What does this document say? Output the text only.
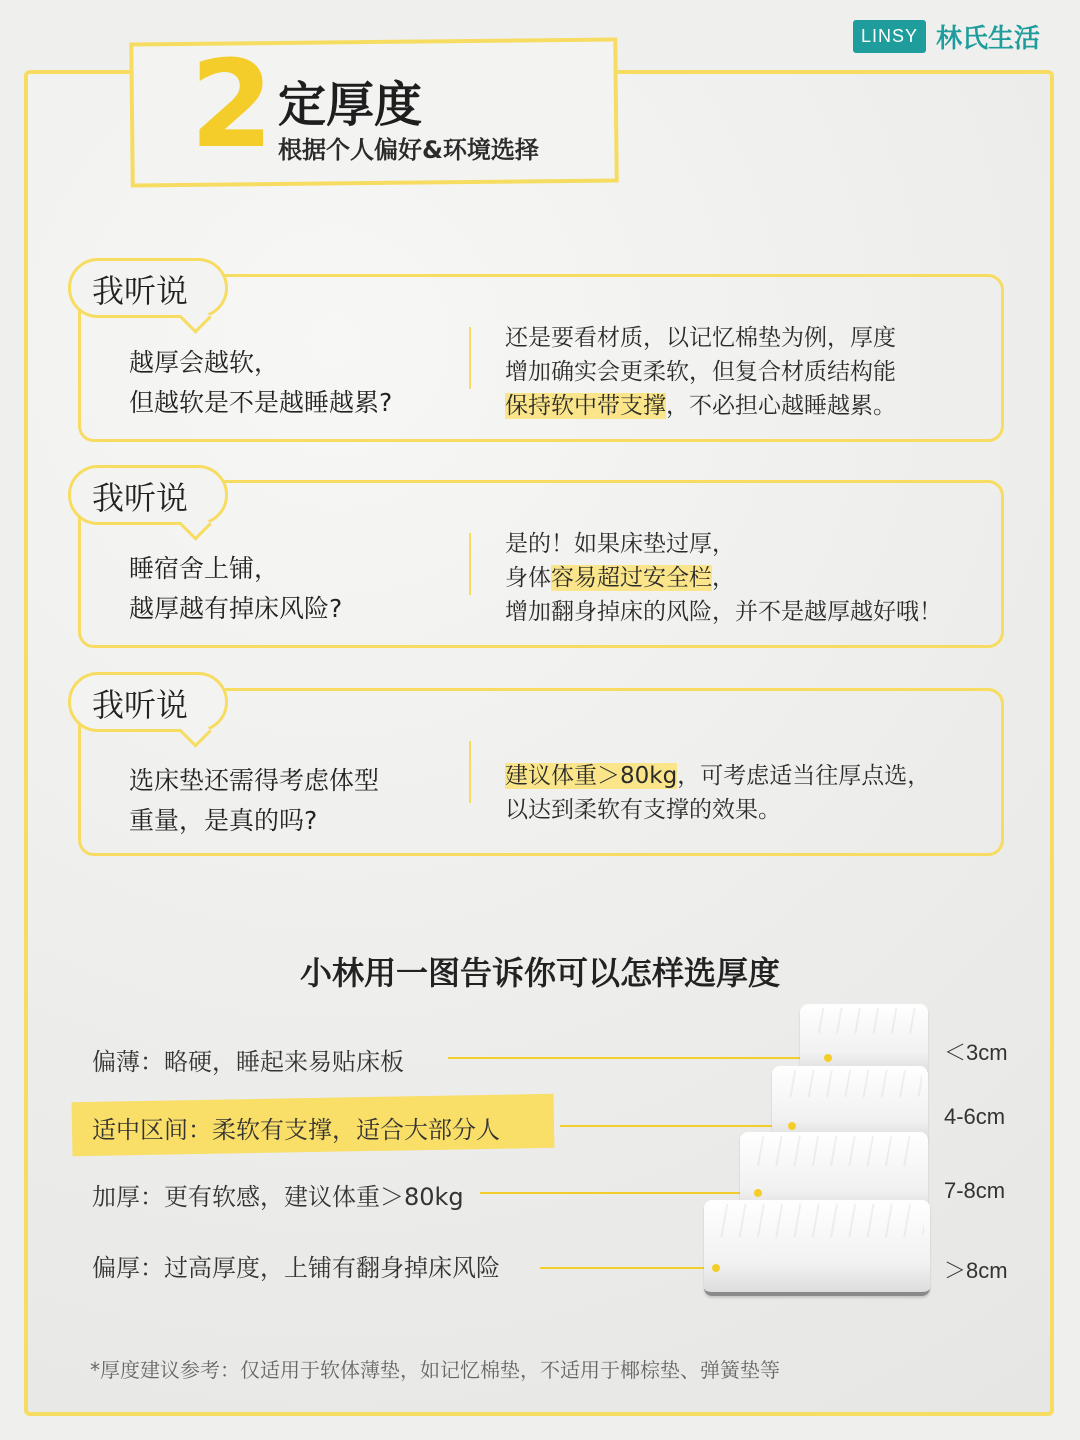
LINSY 林氏生活
2 定厚度
根据个人偏好&环境选择
越厚会越软，
但越软是不是越睡越累?
还是要看材质，以记忆棉垫为例，厚度
增加确实会更柔软，但复合材质结构能
保持软中带支撑，不必担心越睡越累。
我听说
睡宿舍上铺，
越厚越有掉床风险?
是的！如果床垫过厚，
身体容易超过安全栏，
增加翻身掉床的风险，并不是越厚越好哦！
我听说
选床垫还需得考虑体型
重量，是真的吗?
建议体重＞80kg，可考虑适当往厚点选，
以达到柔软有支撑的效果。
我听说
小林用一图告诉你可以怎样选厚度
偏薄：略硬，睡起来易贴床板
适中区间：柔软有支撑，适合大部分人
加厚：更有软感，建议体重＞80kg
偏厚：过高厚度，上铺有翻身掉床风险
＜3cm
4-6cm
7-8cm
＞8cm
*厚度建议参考：仅适用于软体薄垫，如记忆棉垫，不适用于椰棕垫、弹簧垫等
